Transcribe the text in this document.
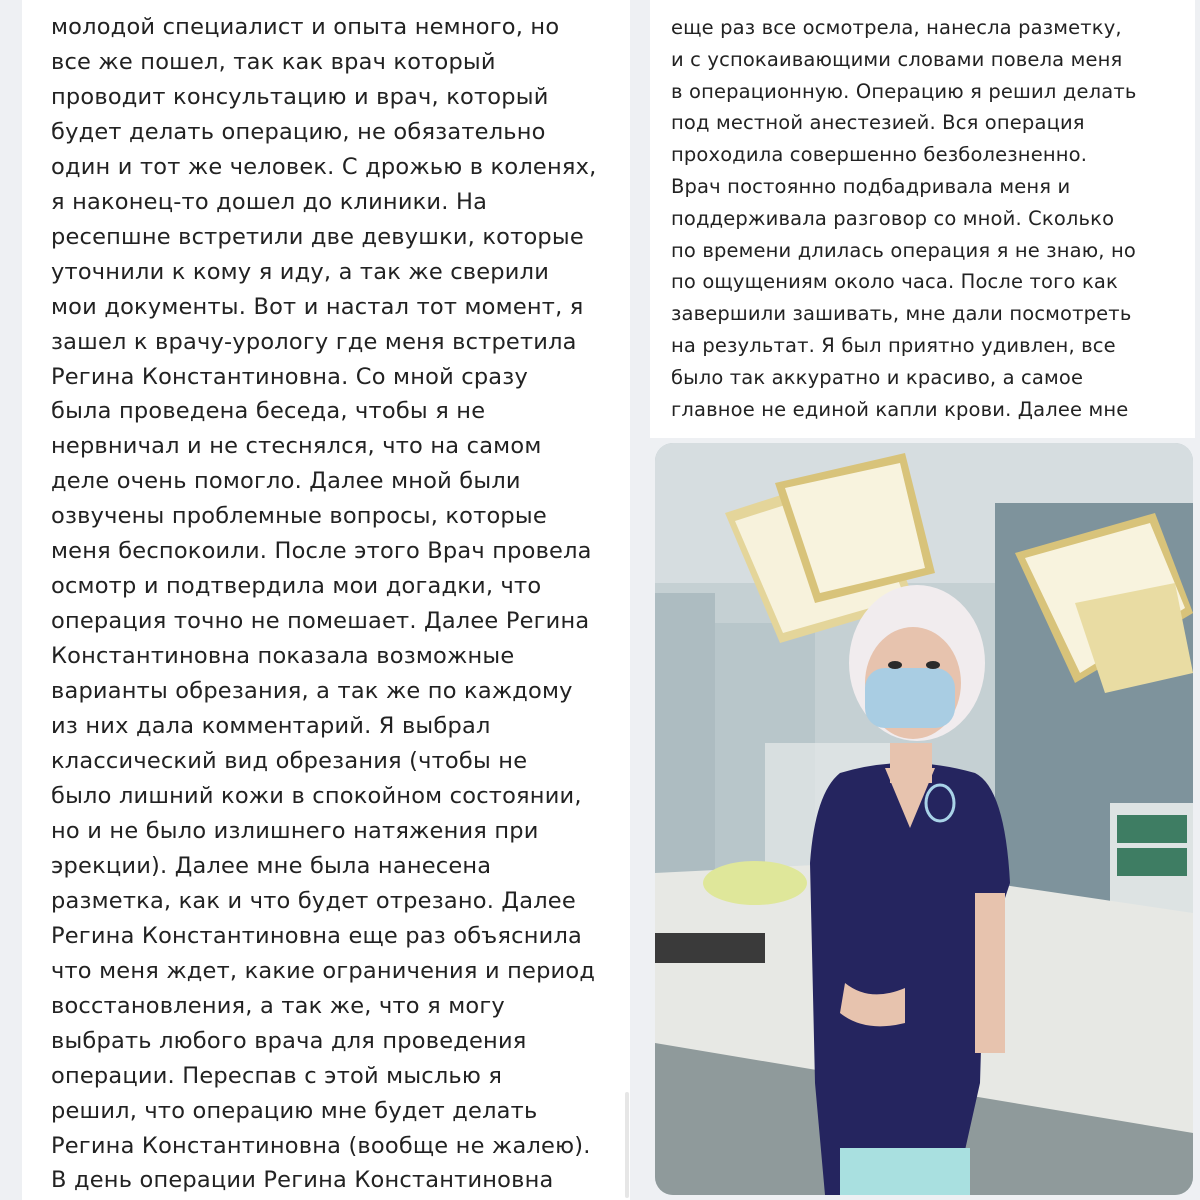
молодой специалист и опыта немного, но
все же пошел, так как врач который
проводит консультацию и врач, который
будет делать операцию, не обязательно
один и тот же человек. С дрожью в коленях,
я наконец-то дошел до клиники. На
ресепшне встретили две девушки, которые
уточнили к кому я иду, а так же сверили
мои документы. Вот и настал тот момент, я
зашел к врачу-урологу где меня встретила
Регина Константиновна. Со мной сразу
была проведена беседа, чтобы я не
нервничал и не стеснялся, что на самом
деле очень помогло. Далее мной были
озвучены проблемные вопросы, которые
меня беспокоили. После этого Врач провела
осмотр и подтвердила мои догадки, что
операция точно не помешает. Далее Регина
Константиновна показала возможные
варианты обрезания, а так же по каждому
из них дала комментарий. Я выбрал
классический вид обрезания (чтобы не
было лишний кожи в спокойном состоянии,
но и не было излишнего натяжения при
эрекции). Далее мне была нанесена
разметка, как и что будет отрезано. Далее
Регина Константиновна еще раз объяснила
что меня ждет, какие ограничения и период
восстановления, а так же, что я могу
выбрать любого врача для проведения
операции. Переспав с этой мыслью я
решил, что операцию мне будет делать
Регина Константиновна (вообще не жалею).
В день операции Регина Константиновна
еще раз все осмотрела, нанесла разметку,
и с успокаивающими словами повела меня
в операционную. Операцию я решил делать
под местной анестезией. Вся операция
проходила совершенно безболезненно.
Врач постоянно подбадривала меня и
поддерживала разговор со мной. Сколько
по времени длилась операция я не знаю, но
по ощущениям около часа. После того как
завершили зашивать, мне дали посмотреть
на результат. Я был приятно удивлен, все
было так аккуратно и красиво, а самое
главное не единой капли крови. Далее мне
